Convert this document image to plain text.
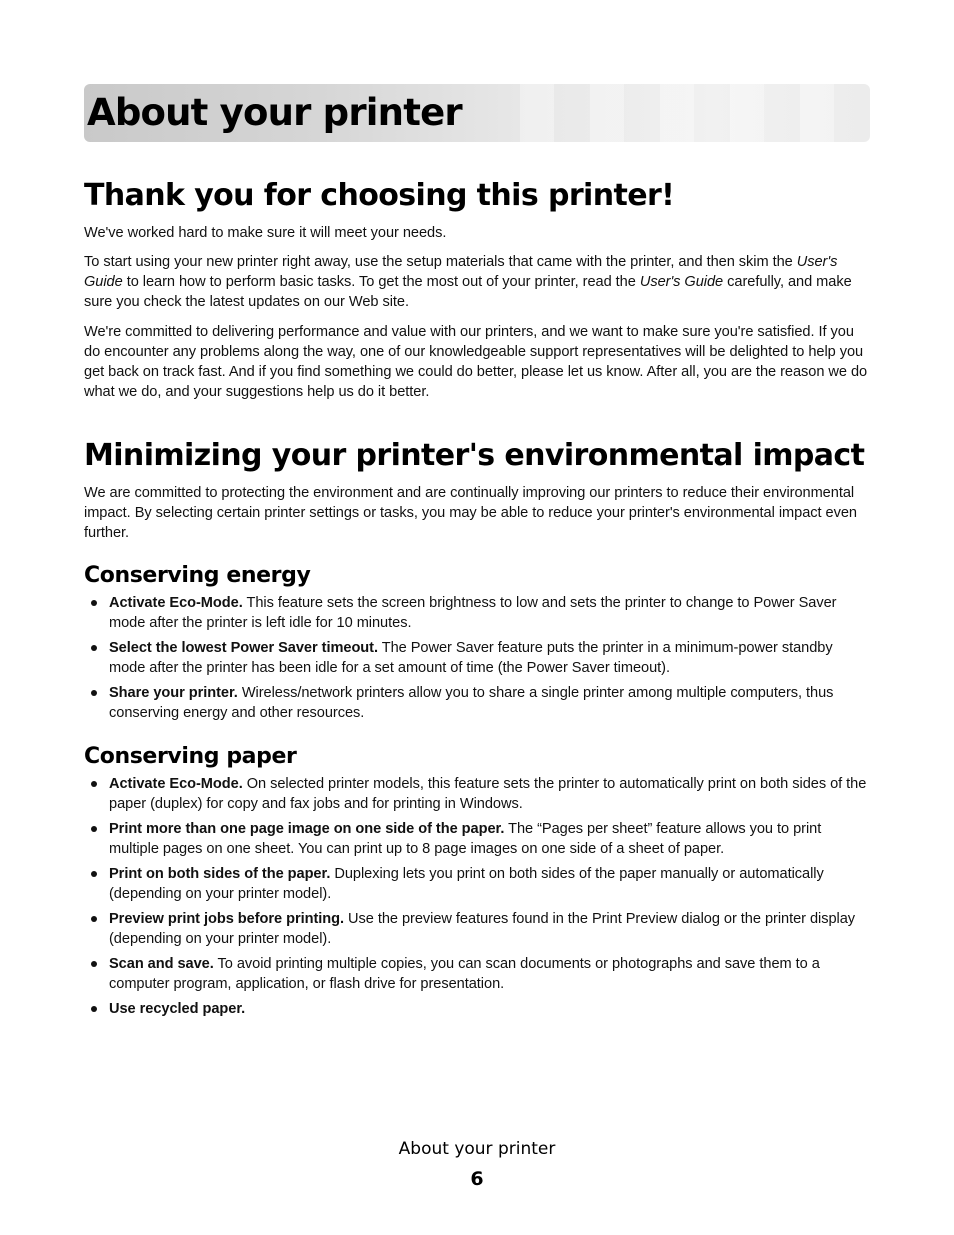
About your printer
Thank you for choosing this printer!

We've worked hard to make sure it will meet your needs.

To start using your new printer right away, use the setup materials that came with the printer, and then skim the User's Guide to learn how to perform basic tasks. To get the most out of your printer, read the User's Guide carefully, and make sure you check the latest updates on our Web site.

We're committed to delivering performance and value with our printers, and we want to make sure you're satisfied. If you do encounter any problems along the way, one of our knowledgeable support representatives will be delighted to help you get back on track fast. And if you find something we could do better, please let us know. After all, you are the reason we do what we do, and your suggestions help us do it better.

Minimizing your printer's environmental impact

We are committed to protecting the environment and are continually improving our printers to reduce their environmental impact. By selecting certain printer settings or tasks, you may be able to reduce your printer's environmental impact even further.

Conserving energy
Activate Eco-Mode. This feature sets the screen brightness to low and sets the printer to change to Power Saver mode after the printer is left idle for 10 minutes.
Select the lowest Power Saver timeout. The Power Saver feature puts the printer in a minimum-power standby mode after the printer has been idle for a set amount of time (the Power Saver timeout).
Share your printer. Wireless/network printers allow you to share a single printer among multiple computers, thus conserving energy and other resources.
Conserving paper
Activate Eco-Mode. On selected printer models, this feature sets the printer to automatically print on both sides of the paper (duplex) for copy and fax jobs and for printing in Windows.
Print more than one page image on one side of the paper. The “Pages per sheet” feature allows you to print multiple pages on one sheet. You can print up to 8 page images on one side of a sheet of paper.
Print on both sides of the paper. Duplexing lets you print on both sides of the paper manually or automatically (depending on your printer model).
Preview print jobs before printing. Use the preview features found in the Print Preview dialog or the printer display (depending on your printer model).
Scan and save. To avoid printing multiple copies, you can scan documents or photographs and save them to a computer program, application, or flash drive for presentation.
Use recycled paper.
About your printer
6
